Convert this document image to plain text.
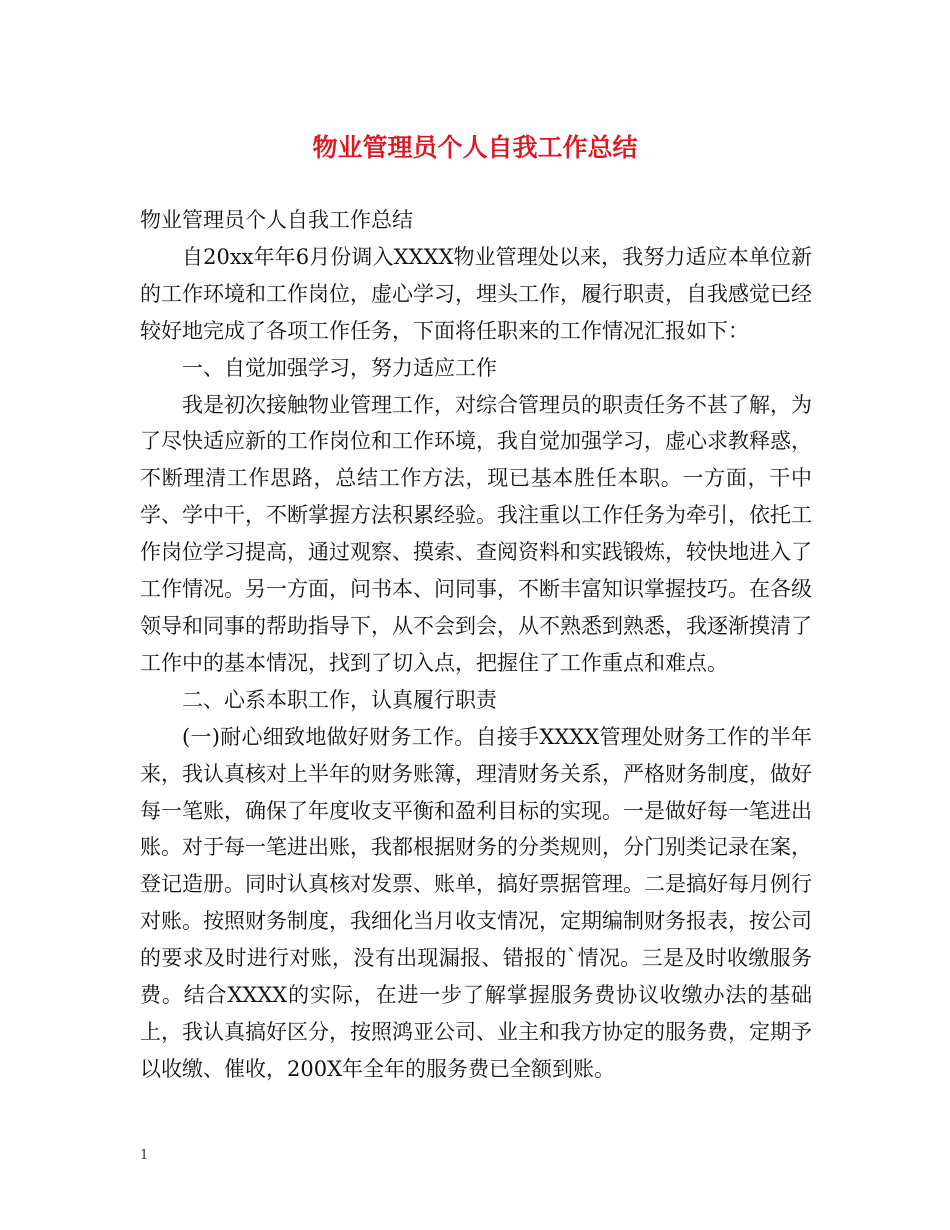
物业管理员个人自我工作总结

物业管理员个人自我工作总结

自20xx年年6月份调入XXXX物业管理处以来，我努力适应本单位新的工作环境和工作岗位，虚心学习，埋头工作，履行职责，自我感觉已经较好地完成了各项工作任务，下面将任职来的工作情况汇报如下：

一、自觉加强学习，努力适应工作

我是初次接触物业管理工作，对综合管理员的职责任务不甚了解，为了尽快适应新的工作岗位和工作环境，我自觉加强学习，虚心求教释惑，不断理清工作思路，总结工作方法，现已基本胜任本职。一方面，干中学、学中干，不断掌握方法积累经验。我注重以工作任务为牵引，依托工作岗位学习提高，通过观察、摸索、查阅资料和实践锻炼，较快地进入了工作情况。另一方面，问书本、问同事，不断丰富知识掌握技巧。在各级领导和同事的帮助指导下，从不会到会，从不熟悉到熟悉，我逐渐摸清了工作中的基本情况，找到了切入点，把握住了工作重点和难点。

二、心系本职工作，认真履行职责

(一)耐心细致地做好财务工作。自接手XXXX管理处财务工作的半年来，我认真核对上半年的财务账簿，理清财务关系，严格财务制度，做好每一笔账，确保了年度收支平衡和盈利目标的实现。一是做好每一笔进出账。对于每一笔进出账，我都根据财务的分类规则，分门别类记录在案，登记造册。同时认真核对发票、账单，搞好票据管理。二是搞好每月例行对账。按照财务制度，我细化当月收支情况，定期编制财务报表，按公司的要求及时进行对账，没有出现漏报、错报的`情况。三是及时收缴服务费。结合XXXX的实际，在进一步了解掌握服务费协议收缴办法的基础上，我认真搞好区分，按照鸿亚公司、业主和我方协定的服务费，定期予以收缴、催收，200X年全年的服务费已全额到账。

1
